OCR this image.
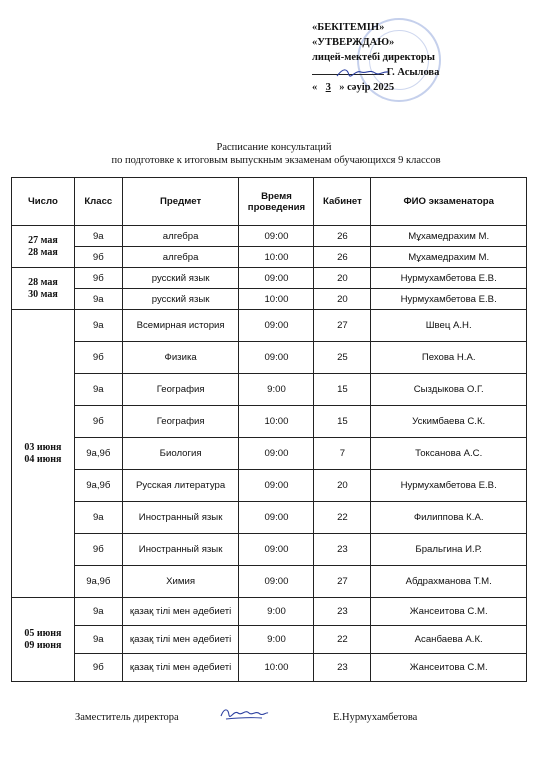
«БЕКІТЕМІН»
«УТВЕРЖДАЮ»
лицей-мектебі директоры
Г. Асылова
« 3 » сәуір 2025
Расписание консультаций
по подготовке к итоговым выпускным экзаменам обучающихся 9 классов
Число	Класс	Предмет	Время проведения	Кабинет	ФИО экзаменатора

27 мая
28 мая	9а	алгебра	09:00	26	Мұхамедрахим М.
	9б	алгебра	10:00	26	Мұхамедрахим М.

28 мая
30 мая	9б	русский язык	09:00	20	Нурмухамбетова Е.В.
	9а	русский язык	10:00	20	Нурмухамбетова Е.В.

03 июня
04 июня	9а	Всемирная история	09:00	27	Швец А.Н.
	9б	Физика	09:00	25	Пехова Н.А.
	9а	География	9:00	15	Сыздыкова О.Г.
	9б	География	10:00	15	Ускимбаева С.К.
	9а,9б	Биология	09:00	7	Токсанова А.С.
	9а,9б	Русская литература	09:00	20	Нурмухамбетова Е.В.
	9а	Иностранный язык	09:00	22	Филиппова К.А.
	9б	Иностранный язык	09:00	23	Бральгина И.Р.
	9а,9б	Химия	09:00	27	Абдрахманова Т.М.

05 июня
09 июня	9а	қазақ тілі мен әдебиеті	9:00	23	Жансеитова С.М.
	9а	қазақ тілі мен әдебиеті	9:00	22	Асанбаева А.К.
	9б	қазақ тілі мен әдебиеті	10:00	23	Жансеитова С.М.
Заместитель директора	Е.Нурмухамбетова
